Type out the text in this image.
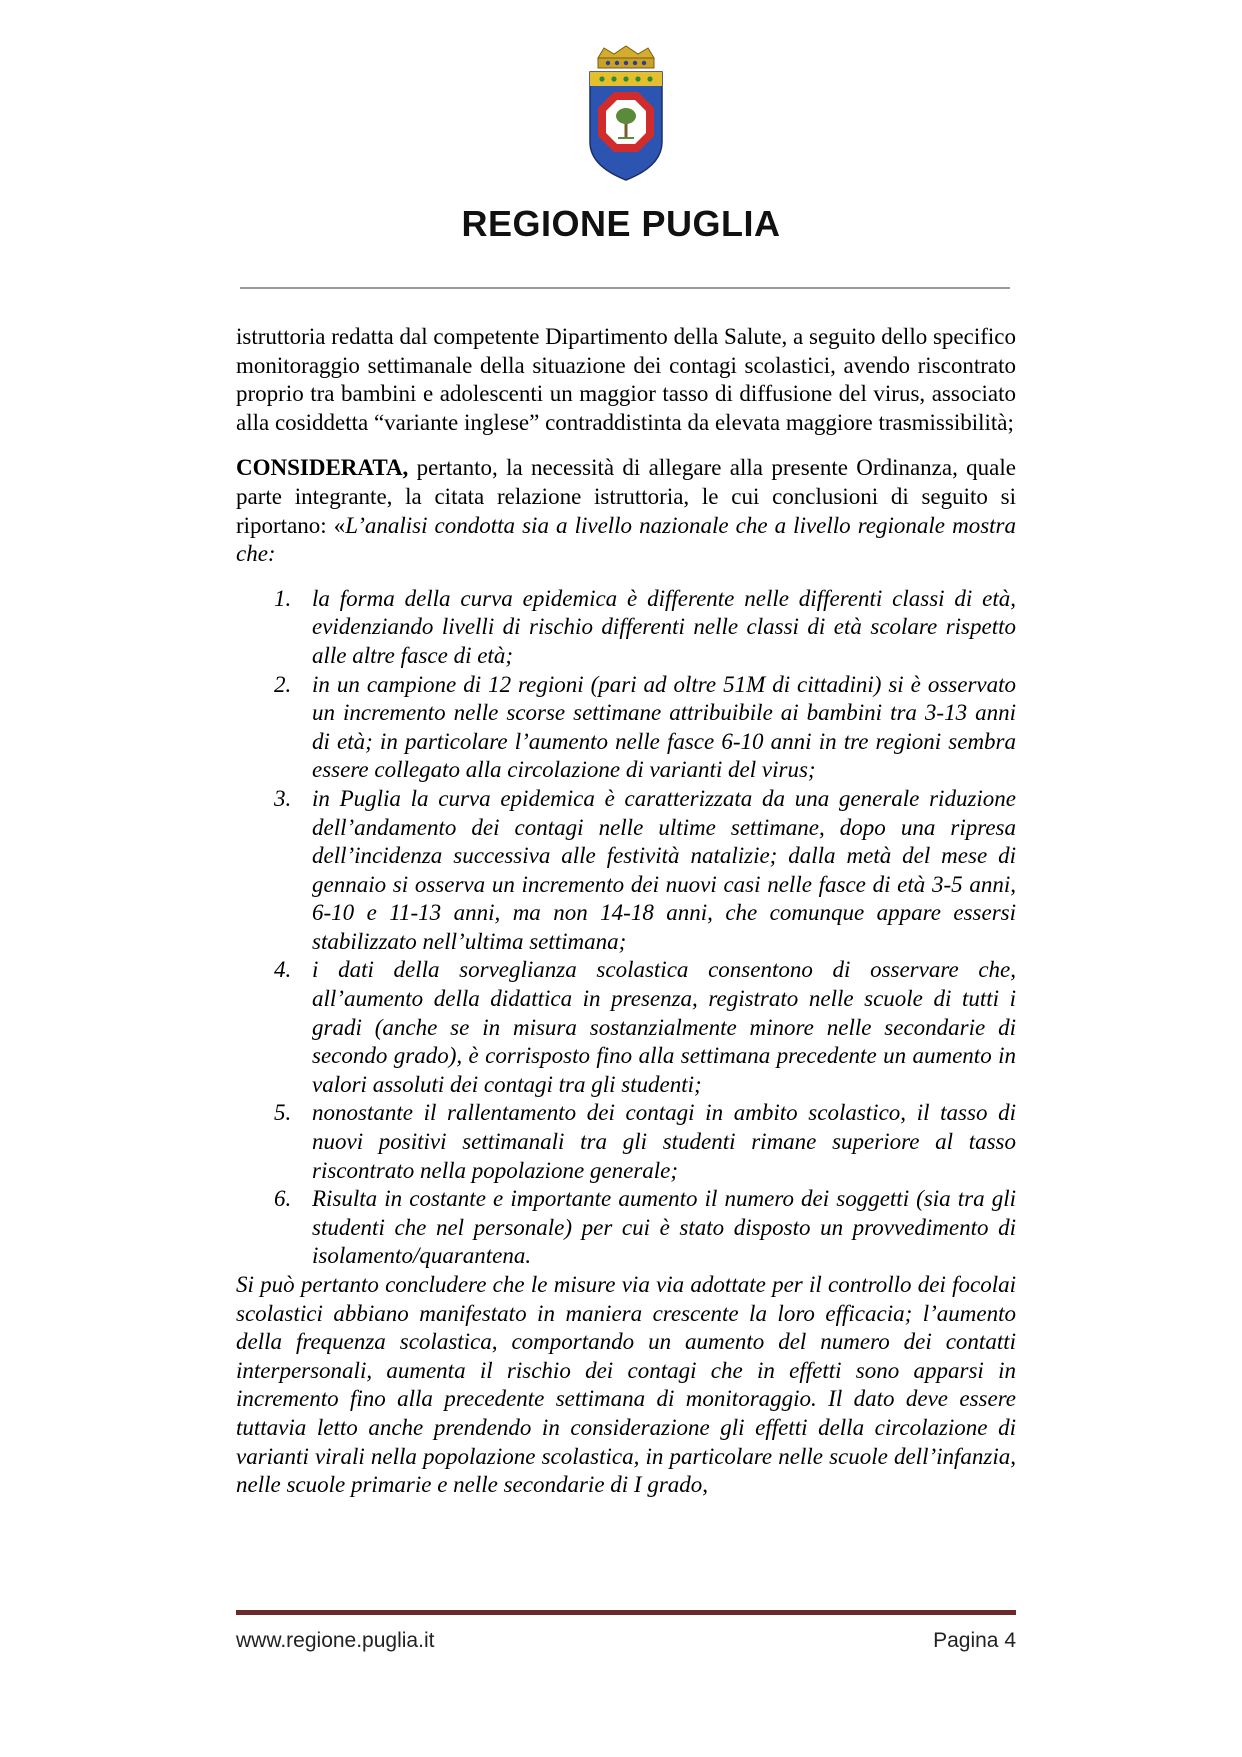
REGIONE PUGLIA

istruttoria redatta dal competente Dipartimento della Salute, a seguito dello specifico monitoraggio settimanale della situazione dei contagi scolastici, avendo riscontrato proprio tra bambini e adolescenti un maggior tasso di diffusione del virus, associato alla cosiddetta “variante inglese” contraddistinta da elevata maggiore trasmissibilità;

CONSIDERATA, pertanto, la necessità di allegare alla presente Ordinanza, quale parte integrante, la citata relazione istruttoria, le cui conclusioni di seguito si riportano: «L’analisi condotta sia a livello nazionale che a livello regionale mostra che:

1. la forma della curva epidemica è differente nelle differenti classi di età, evidenziando livelli di rischio differenti nelle classi di età scolare rispetto alle altre fasce di età;
2. in un campione di 12 regioni (pari ad oltre 51M di cittadini) si è osservato un incremento nelle scorse settimane attribuibile ai bambini tra 3-13 anni di età; in particolare l’aumento nelle fasce 6-10 anni in tre regioni sembra essere collegato alla circolazione di varianti del virus;
3. in Puglia la curva epidemica è caratterizzata da una generale riduzione dell’andamento dei contagi nelle ultime settimane, dopo una ripresa dell’incidenza successiva alle festività natalizie; dalla metà del mese di gennaio si osserva un incremento dei nuovi casi nelle fasce di età 3-5 anni, 6-10 e 11-13 anni, ma non 14-18 anni, che comunque appare essersi stabilizzato nell’ultima settimana;
4. i dati della sorveglianza scolastica consentono di osservare che, all’aumento della didattica in presenza, registrato nelle scuole di tutti i gradi (anche se in misura sostanzialmente minore nelle secondarie di secondo grado), è corrisposto fino alla settimana precedente un aumento in valori assoluti dei contagi tra gli studenti;
5. nonostante il rallentamento dei contagi in ambito scolastico, il tasso di nuovi positivi settimanali tra gli studenti rimane superiore al tasso riscontrato nella popolazione generale;
6. Risulta in costante e importante aumento il numero dei soggetti (sia tra gli studenti che nel personale) per cui è stato disposto un provvedimento di isolamento/quarantena.

Si può pertanto concludere che le misure via via adottate per il controllo dei focolai scolastici abbiano manifestato in maniera crescente la loro efficacia; l’aumento della frequenza scolastica, comportando un aumento del numero dei contatti interpersonali, aumenta il rischio dei contagi che in effetti sono apparsi in incremento fino alla precedente settimana di monitoraggio. Il dato deve essere tuttavia letto anche prendendo in considerazione gli effetti della circolazione di varianti virali nella popolazione scolastica, in particolare nelle scuole dell’infanzia, nelle scuole primarie e nelle secondarie di I grado,

www.regione.puglia.it	Pagina 4
